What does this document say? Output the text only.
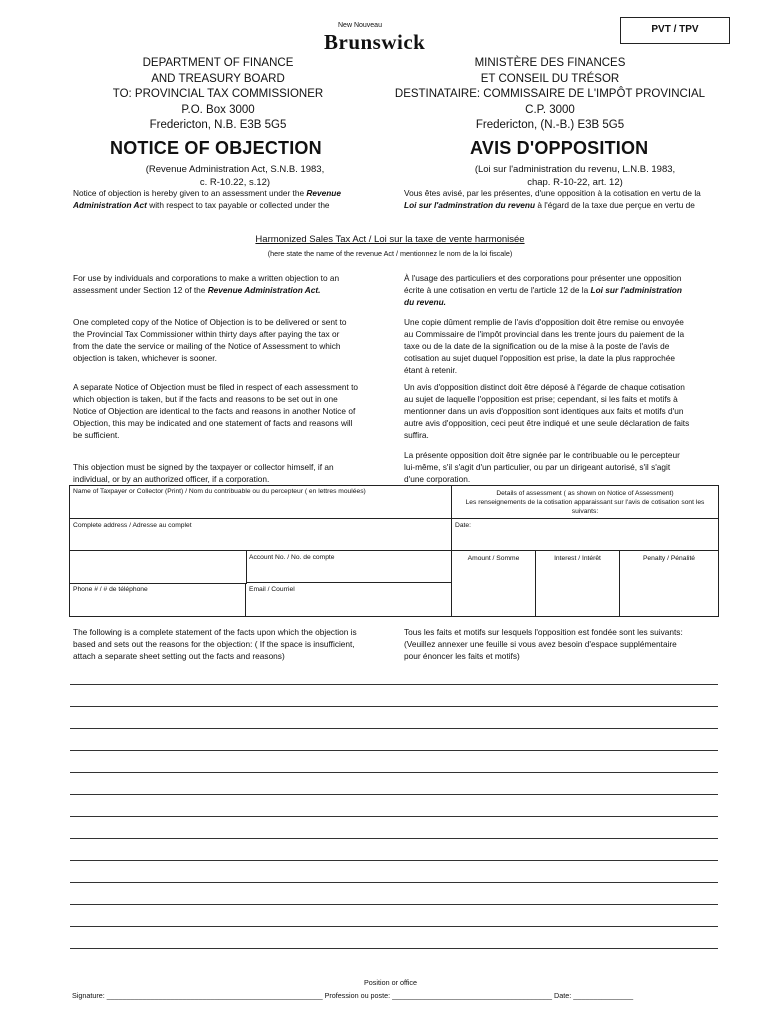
PVT / TPV
New Nouveau
Brunswick
DEPARTMENT OF FINANCE
AND TREASURY BOARD
TO: PROVINCIAL TAX COMMISSIONER
P.O. Box 3000
Fredericton, N.B. E3B 5G5
MINISTÈRE DES FINANCES
ET CONSEIL DU TRÉSOR
DESTINATAIRE: COMMISSAIRE DE L'IMPÔT PROVINCIAL
C.P. 3000
Fredericton, (N.-B.) E3B 5G5
NOTICE OF OBJECTION	AVIS D'OPPOSITION
(Revenue Administration Act, S.N.B. 1983,
c. R-10.22, s.12)
(Loi sur l'administration du revenu, L.N.B. 1983,
chap. R-10-22, art. 12)
Notice of objection is hereby given to an assessment under the Revenue Administration Act with respect to tax payable or collected under the
Vous êtes avisé, par les présentes, d'une opposition à la cotisation en vertu de la Loi sur l'adminstration du revenu à l'égard de la taxe due perçue en vertu de
Harmonized Sales Tax Act / Loi sur la taxe de vente harmonisée
(here state the name of the revenue Act / mentionnez le nom de la loi fiscale)
For use by individuals and corporations to make a written objection to an assessment under Section 12 of the Revenue Administration Act.
À l'usage des particuliers et des corporations pour présenter une opposition écrite à une cotisation en vertu de l'article 12 de la Loi sur l'administration du revenu.
One completed copy of the Notice of Objection is to be delivered or sent to the Provincial Tax Commissioner within thirty days after paying the tax or from the date the service or mailing of the Notice of Assessment to which objection is taken, whichever is sooner.
Une copie dûment remplie de l'avis d'opposition doit être remise ou envoyée au Commissaire de l'impôt provincial dans les trente jours du paiement de la taxe ou de la date de la signification ou de la mise à la poste de l'avis de cotisation au sujet duquel l'opposition est prise, la date la plus rapprochée étant à retenir.
A separate Notice of Objection must be filed in respect of each assessment to which objection is taken, but if the facts and reasons to be set out in one Notice of Objection are identical to the facts and reasons in another Notice of Objection, this may be indicated and one statement of facts and reasons will be sufficient.
Un avis d'opposition distinct doit être déposé à l'égarde de chaque cotisation au sujet de laquelle l'opposition est prise; cependant, si les faits et motifs à mentionner dans un avis d'opposition sont identiques aux faits et motifs d'un autre avis d'opposition, ceci peut être indiqué et une seule déclaration de faits suffira.
This objection must be signed by the taxpayer or collector himself, if an individual, or by an authorized officer, if a corporation.
La présente opposition doit être signée par le contribuable ou le percepteur lui-même, s'il s'agit d'un particulier, ou par un dirigeant autorisé, s'il s'agit d'une corporation.
Name of Taxpayer or Collector (Print) / Nom du contribuable ou du percepteur ( en lettres moulées)	Details of assessment ( as shown on Notice of Assessment)
Les renseignements de la cotisation apparaissant sur l'avis de cotisation sont les suivants:
Complete address / Adresse au complet	Date:
Account No. / No. de compte	Amount / Somme	Interest / Intérêt	Penalty / Pénalité
Phone # / # de téléphone	Email / Courriel
The following is a complete statement of the facts upon which the objection is based and sets out the reasons for the objection: ( If the space is insufficient, attach a separate sheet setting out the facts and reasons)
Tous les faits et motifs sur lesquels l'opposition est fondée sont les suivants: (Veuillez annexer une feuille si vous avez besoin d'espace supplémentaire pour énoncer les faits et motifs)
Position or office
Signature: ______________________________________________________ Profession ou poste: ________________________________________ Date: _______________
